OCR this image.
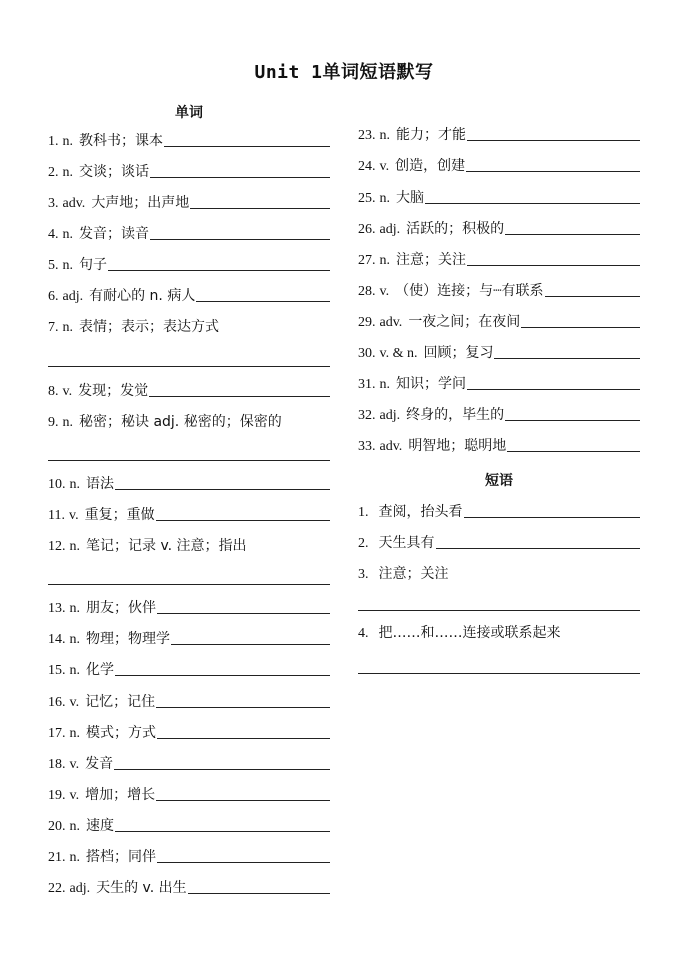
Unit 1单词短语默写
单词
1. n. 教科书；课本
2. n. 交谈；谈话
3. adv. 大声地；出声地
4. n. 发音；读音
5. n. 句子
6. adj. 有耐心的 n. 病人
7. n. 表情；表示；表达方式
8. v. 发现；发觉
9. n. 秘密；秘诀 adj. 秘密的；保密的
10. n. 语法
11. v. 重复；重做
12. n. 笔记；记录 v. 注意；指出
13. n. 朋友；伙伴
14. n. 物理；物理学
15. n. 化学
16. v. 记忆；记住
17. n. 模式；方式
18. v. 发音
19. v. 增加；增长
20. n. 速度
21. n. 搭档；同伴
22. adj. 天生的 v. 出生
短语
23. n. 能力；才能
24. v. 创造，创建
25. n. 大脑
26. adj. 活跃的；积极的
27. n. 注意；关注
28. v. （使）连接；与┈有联系
29. adv. 一夜之间；在夜间
30. v. & n. 回顾；复习
31. n. 知识；学问
32. adj. 终身的，毕生的
33. adv. 明智地；聪明地
1. 查阅，抬头看
2. 天生具有
3. 注意；关注
4. 把……和……连接或联系起来
